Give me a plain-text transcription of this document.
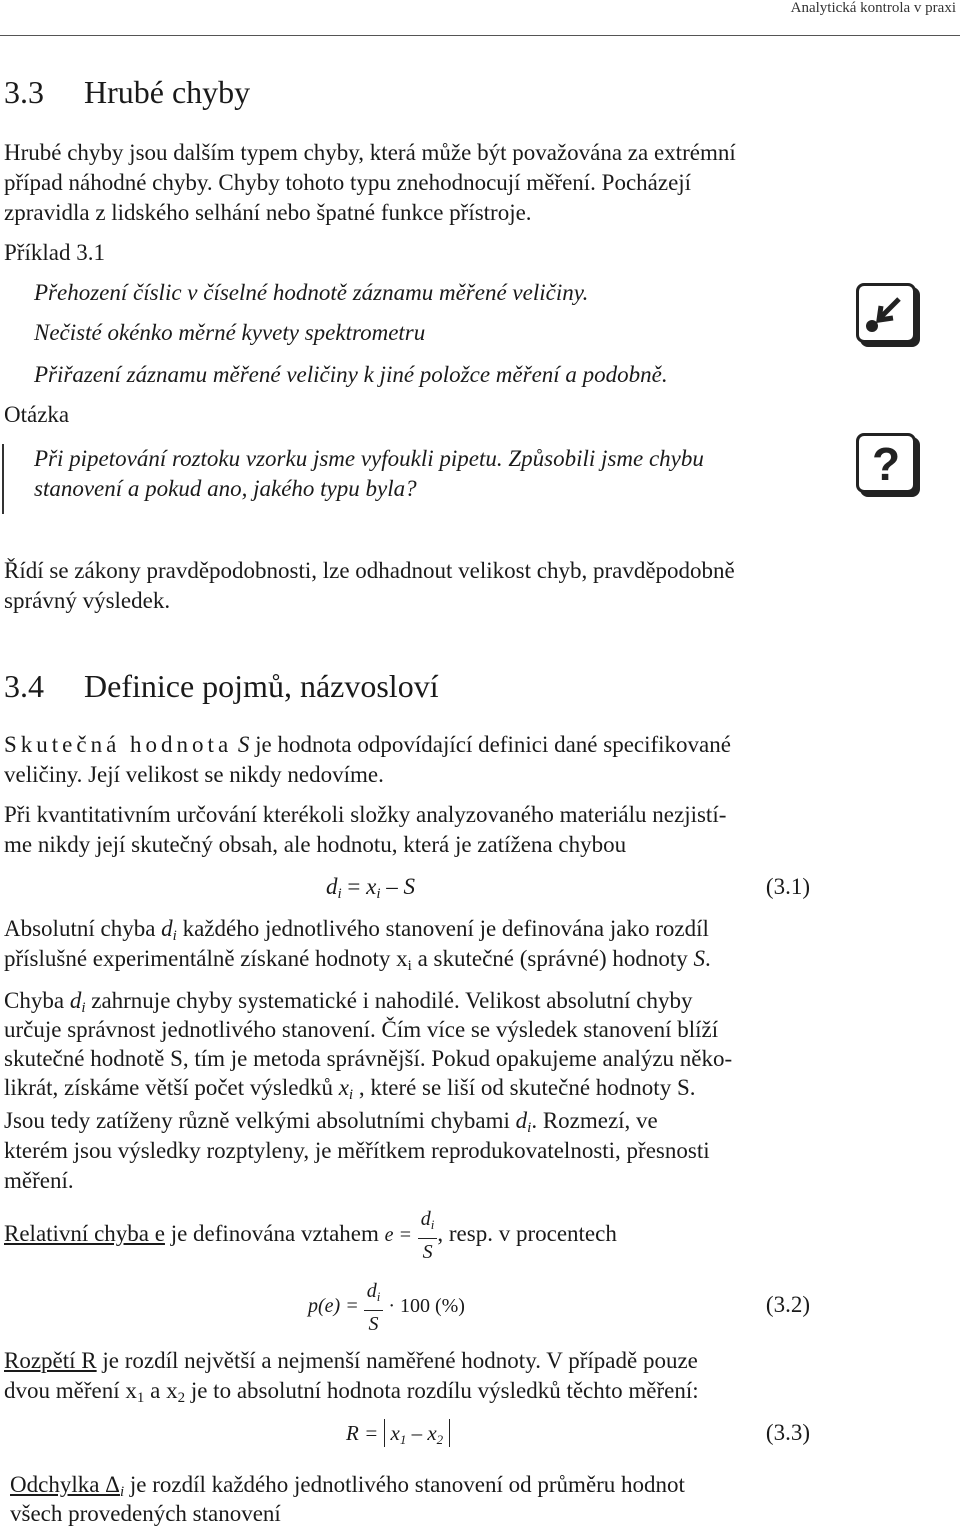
Analytická kontrola v praxi
3.3 Hrubé chyby
Hrubé chyby jsou dalším typem chyby, která může být považována za extrémní
případ náhodné chyby. Chyby tohoto typu znehodnocují měření. Pocházejí
zpravidla z lidského selhání nebo špatné funkce přístroje.
Příklad 3.1
Přehození číslic v číselné hodnotě záznamu měřené veličiny.
Nečisté okénko měrné kyvety spektrometru
Přiřazení záznamu měřené veličiny k jiné položce měření a podobně.
Otázka
Při pipetování roztoku vzorku jsme vyfoukli pipetu. Způsobili jsme chybu
stanovení a pokud ano, jakého typu byla?	?
Řídí se zákony pravděpodobnosti, lze odhadnout velikost chyb, pravděpodobně
správný výsledek.
3.4 Definice pojmů, názvosloví
Skutečná hodnota S je hodnota odpovídající definici dané specifikované
veličiny. Její velikost se nikdy nedovíme.
Při kvantitativním určování kterékoli složky analyzovaného materiálu nezjistí-
me nikdy její skutečný obsah, ale hodnotu, která je zatížena chybou
$d_i = x_i - S$	(3.1)
Absolutní chyba $d_i$ každého jednotlivého stanovení je definována jako rozdíl
příslušné experimentálně získané hodnoty $x_i$ a skutečné (správné) hodnoty S.
Chyba $d_i$ zahrnuje chyby systematické i nahodilé. Velikost absolutní chyby
určuje správnost jednotlivého stanovení. Čím více se výsledek stanovení blíží
skutečné hodnotě S, tím je metoda správnější. Pokud opakujeme analýzu něko-
likrát, získáme větší počet výsledků $x_i$ , které se liší od skutečné hodnoty S.
Jsou tedy zatíženy různě velkými absolutními chybami $d_i$. Rozmezí, ve
kterém jsou výsledky rozptyleny, je měřítkem reprodukovatelnosti, přesnosti
měření.
Relativní chyba e je definována vztahem $e = \frac{d_i}{S}$ , resp. v procentech
$p(e) = \frac{d_i}{S} \cdot 100$ (%)	(3.2)
Rozpětí R je rozdíl největší a nejmenší naměřené hodnoty. V případě pouze
dvou měření $x_1$ a $x_2$ je to absolutní hodnota rozdílu výsledků těchto měření:
R = x1 – x2	(3.3)
Odchylka $\Delta_i$ je rozdíl každého jednotlivého stanovení od průměru hodnot
všech provedených stanovení
